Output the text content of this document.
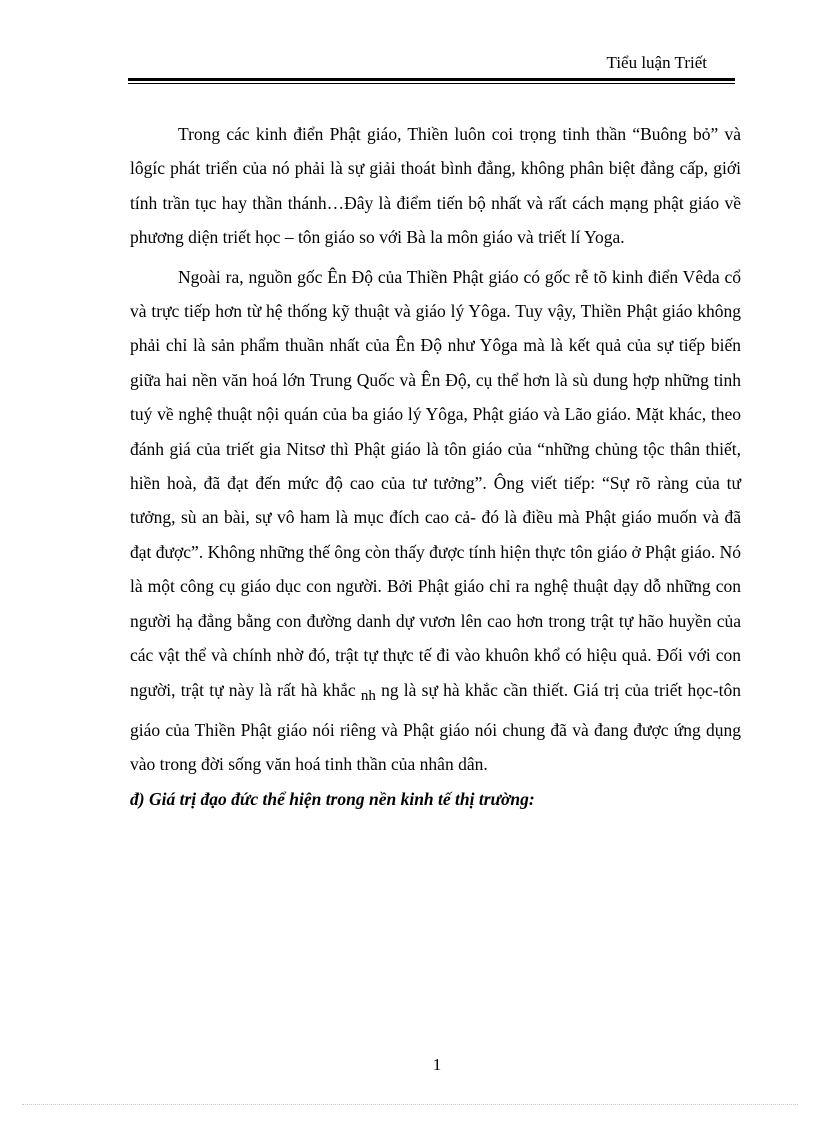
Tiểu luận Triết

Trong các kinh điển Phật giáo, Thiền luôn coi trọng tinh thần “Buông bỏ” và lôgíc phát triển của nó phải là sự giải thoát bình đẳng, không phân biệt đẳng cấp, giới tính trần tục hay thần thánh…Đây là điểm tiến bộ nhất và rất cách mạng phật giáo về phương diện triết học – tôn giáo so với Bà la môn giáo và triết lí Yoga.

Ngoài ra, nguồn gốc Ên Độ của Thiền Phật giáo có gốc rễ tõ kinh điển Vêda cổ và trực tiếp hơn từ hệ thống kỹ thuật và giáo lý Yôga. Tuy vậy, Thiền Phật giáo không phải chỉ là sản phẩm thuần nhất của Ên Độ như Yôga mà là kết quả của sự tiếp biến giữa hai nền văn hoá lớn Trung Quốc và Ên Độ, cụ thể hơn là sù dung hợp những tinh tuý về nghệ thuật nội quán của ba giáo lý Yôga, Phật giáo và Lão giáo. Mặt khác, theo đánh giá của triết gia Nitsơ thì Phật giáo là tôn giáo của “những chủng tộc thân thiết, hiền hoà, đã đạt đến mức độ cao của tư tưởng”. Ông viết tiếp: “Sự rõ ràng của tư tưởng, sù an bài, sự vô ham là mục đích cao cả- đó là điều mà Phật giáo muốn và đã đạt được”. Không những thế ông còn thấy được tính hiện thực tôn giáo ở Phật giáo. Nó là một công cụ giáo dục con người. Bởi Phật giáo chỉ ra nghệ thuật dạy dỗ những con người hạ đẳng bằng con đường danh dự vươn lên cao hơn trong trật tự hão huyền của các vật thể và chính nhờ đó, trật tự thực tế đi vào khuôn khổ có hiệu quả. Đối với con người, trật tự này là rất hà khắc nh ng là sự hà khắc cần thiết. Giá trị của triết học-tôn giáo của Thiền Phật giáo nói riêng và Phật giáo nói chung đã và đang được ứng dụng vào trong đời sống văn hoá tinh thần của nhân dân.

đ) Giá trị đạo đức thể hiện trong nền kinh tế thị trường:

1
